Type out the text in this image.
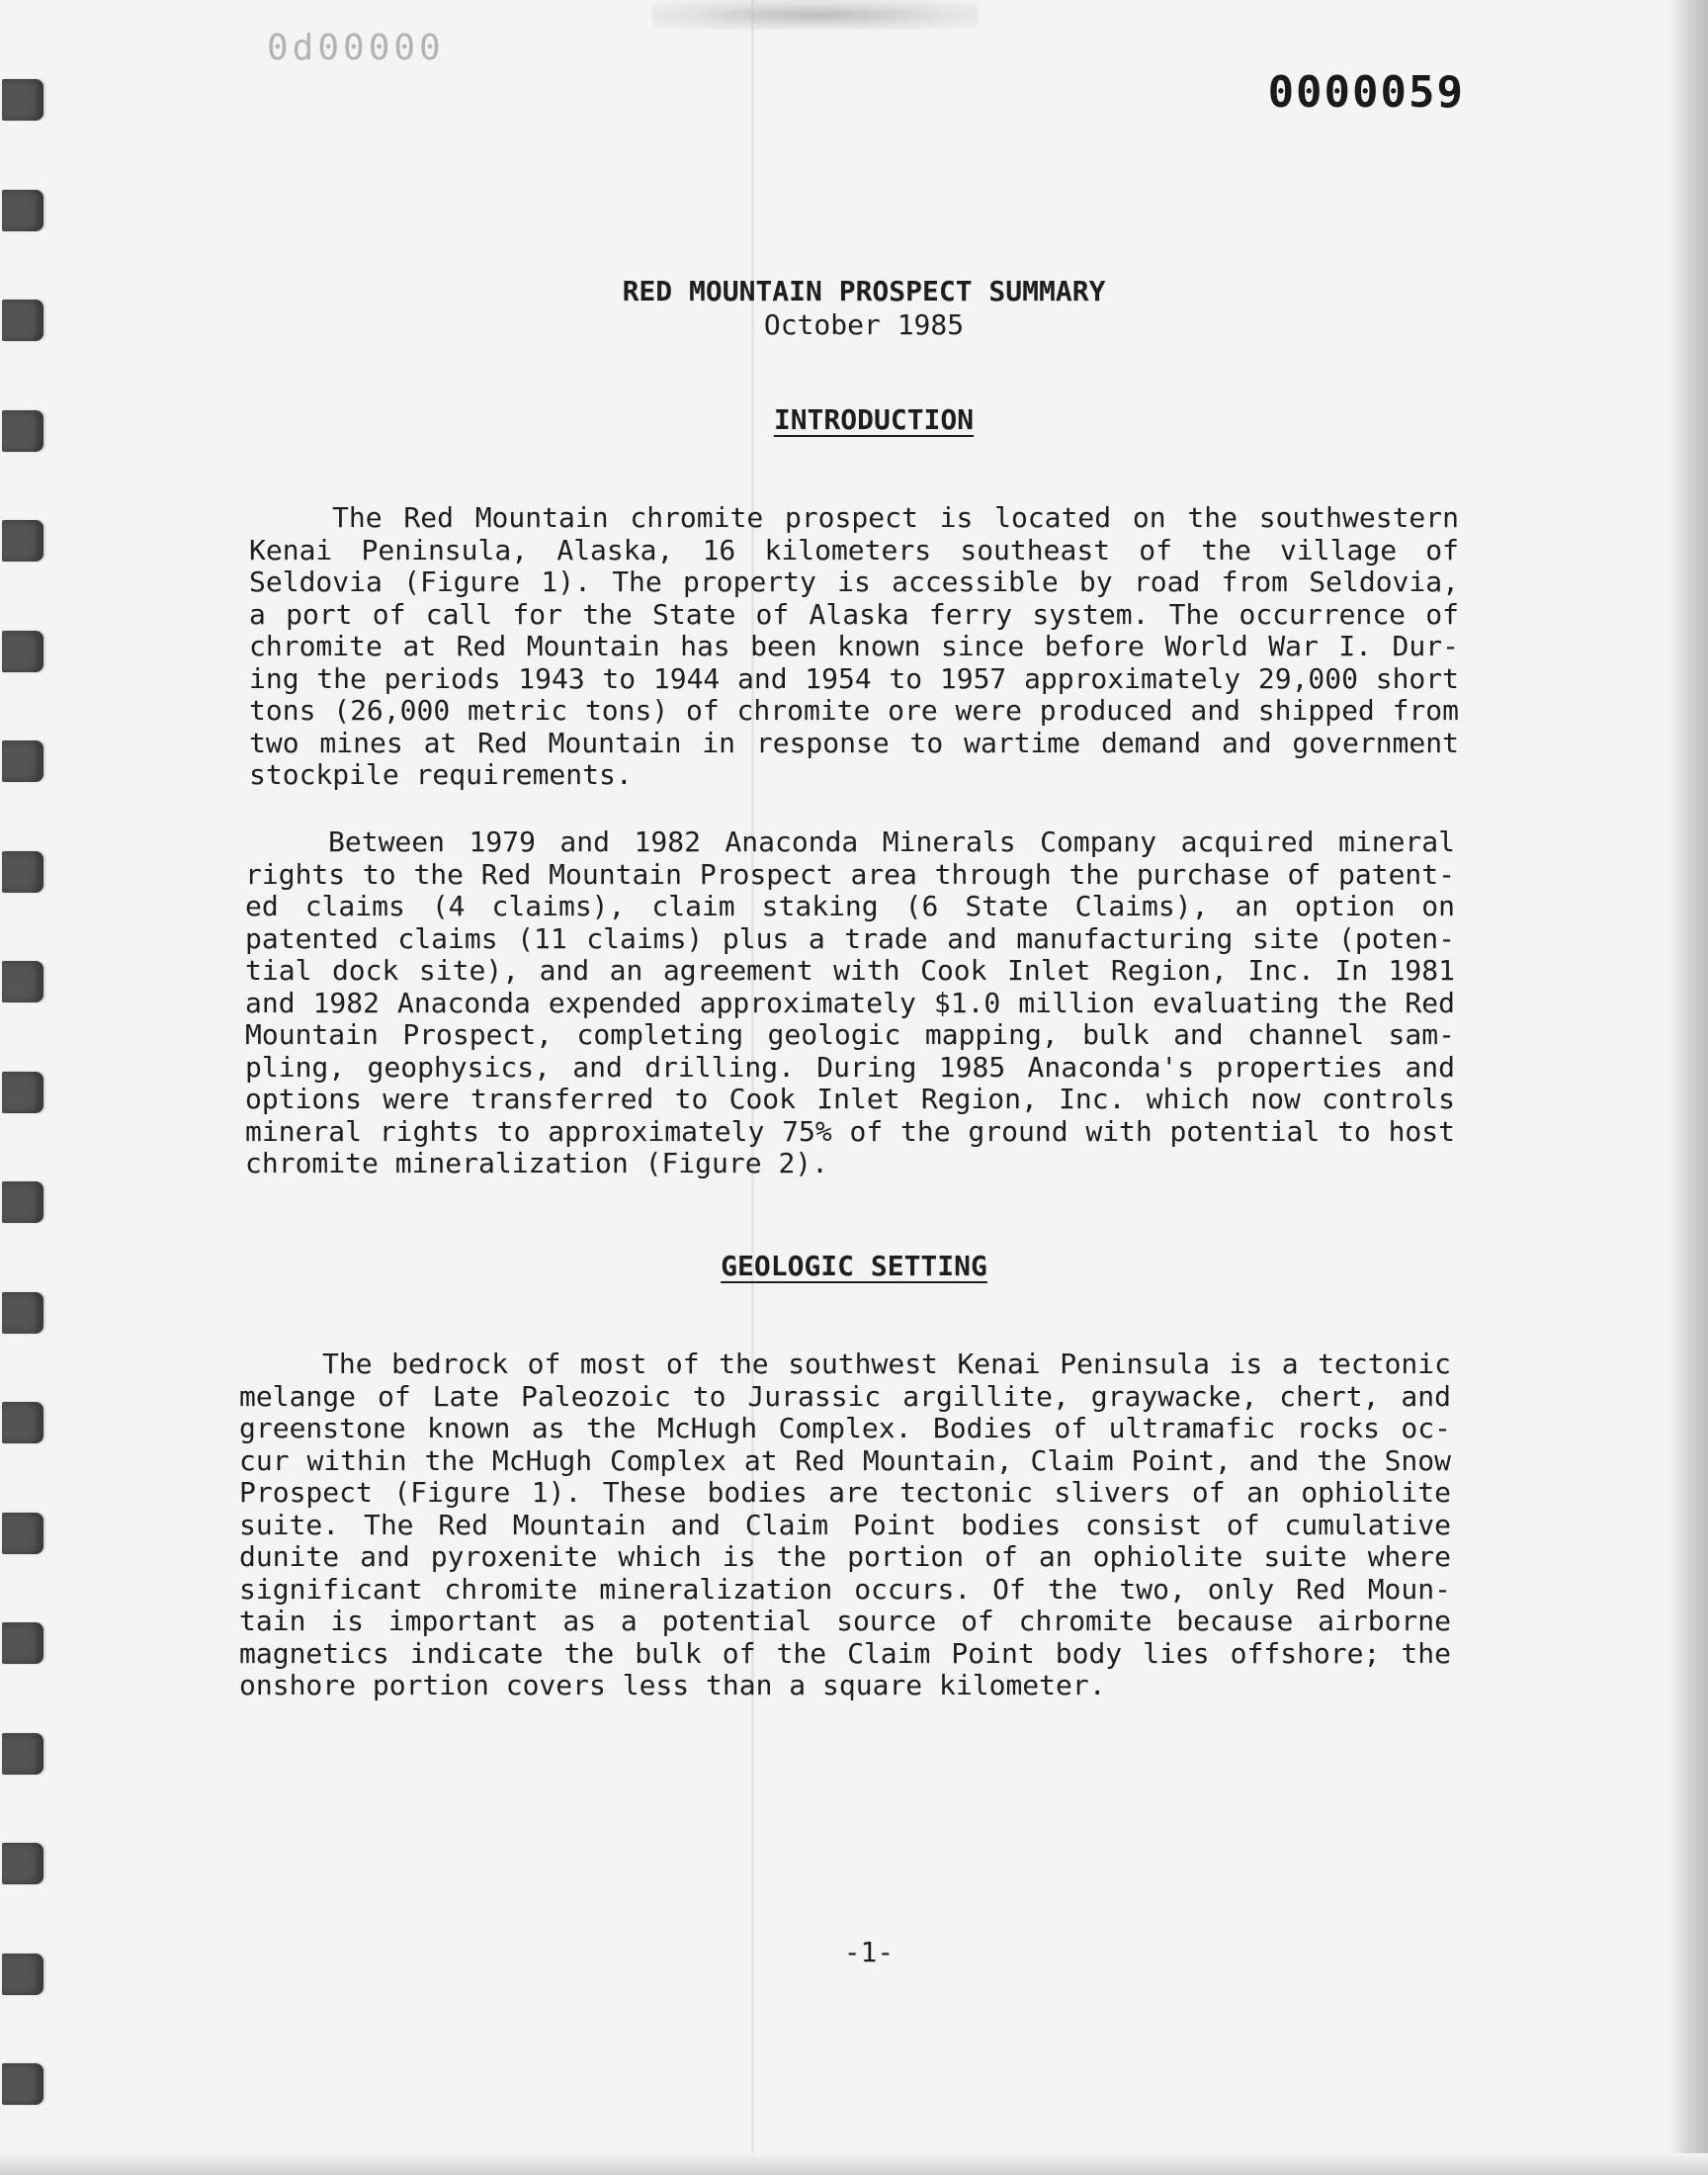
0d00000
0000059
RED MOUNTAIN PROSPECT SUMMARY
October 1985
INTRODUCTION

The Red Mountain chromite prospect is located on the southwestern
Kenai Peninsula, Alaska, 16 kilometers southeast of the village of
Seldovia (Figure 1). The property is accessible by road from Seldovia,
a port of call for the State of Alaska ferry system. The occurrence of
chromite at Red Mountain has been known since before World War I. Dur-
ing the periods 1943 to 1944 and 1954 to 1957 approximately 29,000 short
tons (26,000 metric tons) of chromite ore were produced and shipped from
two mines at Red Mountain in response to wartime demand and government
stockpile requirements.

Between 1979 and 1982 Anaconda Minerals Company acquired mineral
rights to the Red Mountain Prospect area through the purchase of patent-
ed claims (4 claims), claim staking (6 State Claims), an option on
patented claims (11 claims) plus a trade and manufacturing site (poten-
tial dock site), and an agreement with Cook Inlet Region, Inc. In 1981
and 1982 Anaconda expended approximately $1.0 million evaluating the Red
Mountain Prospect, completing geologic mapping, bulk and channel sam-
pling, geophysics, and drilling. During 1985 Anaconda's properties and
options were transferred to Cook Inlet Region, Inc. which now controls
mineral rights to approximately 75% of the ground with potential to host
chromite mineralization (Figure 2).

GEOLOGIC SETTING

The bedrock of most of the southwest Kenai Peninsula is a tectonic
melange of Late Paleozoic to Jurassic argillite, graywacke, chert, and
greenstone known as the McHugh Complex. Bodies of ultramafic rocks oc-
cur within the McHugh Complex at Red Mountain, Claim Point, and the Snow
Prospect (Figure 1). These bodies are tectonic slivers of an ophiolite
suite. The Red Mountain and Claim Point bodies consist of cumulative
dunite and pyroxenite which is the portion of an ophiolite suite where
significant chromite mineralization occurs. Of the two, only Red Moun-
tain is important as a potential source of chromite because airborne
magnetics indicate the bulk of the Claim Point body lies offshore; the
onshore portion covers less than a square kilometer.

-1-
